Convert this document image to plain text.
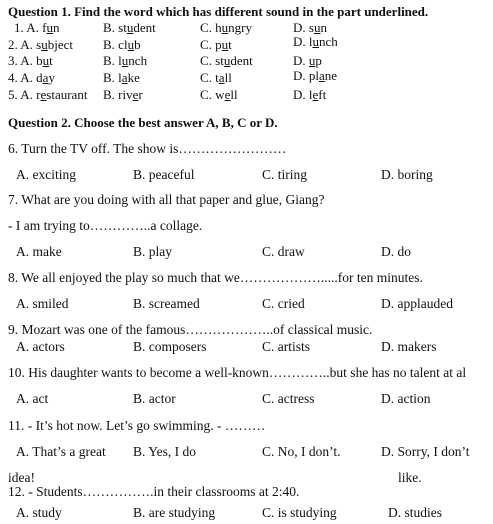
Question 1. Find the word which has different sound in the part underlined.
1. A. fun	B. student	C. hungry	D. sun
2. A. subject B. club	C. put	D. lunch
3. A. but	B. lunch	C. student	D. up
4. A. day	B. lake	C. tall	D. plane
5. A. restaurant B. river	C. well	D. left
Question 2. Choose the best answer A, B, C or D.
6. Turn the TV off. The show is……………………
A. exciting	B. peaceful	C. tiring	D. boring
7. What are you doing with all that paper and glue, Giang?
- I am trying to…………..a collage.
A. make	B. play	C. draw	D. do
8. We all enjoyed the play so much that we……………….....for ten minutes.
A. smiled	B. screamed	C. cried	D. applauded
9. Mozart was one of the famous………………..of classical music.
A. actors	B. composers	C. artists	D. makers
10. His daughter wants to become a well-known…………..but she has no talent at al
A. act	B. actor	C. actress	D. action
11. - It’s hot now. Let’s go swimming. - ………
A. That’s a great B. Yes, I do	C. No, I don’t.	D. Sorry, I don’t
idea!	like.
12. - Students…………….in their classrooms at 2:40.
A. study	B. are studying	C. is studying	D. studies
